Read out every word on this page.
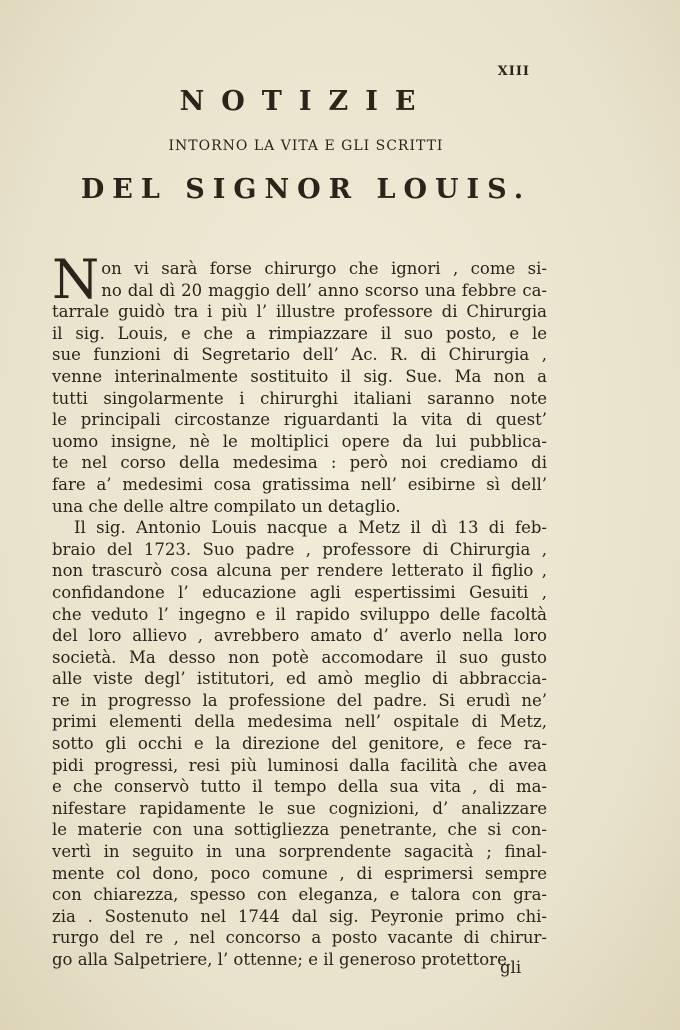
XIII
NOTIZIE
INTORNO LA VITA E GLI SCRITTI
DEL SIGNOR LOUIS.
N on vi sarà forse chirurgo che ignori , come si-
no dal dì 20 maggio dell’ anno scorso una febbre ca-
tarrale guidò tra i più l’ illustre professore di Chirurgia
il sig. Louis, e che a rimpiazzare il suo posto, e le
sue funzioni di Segretario dell’ Ac. R. di Chirurgia ,
venne interinalmente sostituito il sig. Sue. Ma non a
tutti singolarmente i chirurghi italiani saranno note
le principali circostanze riguardanti la vita di quest’
uomo insigne, nè le moltiplici opere da lui pubblica-
te nel corso della medesima : però noi crediamo di
fare a’ medesimi cosa gratissima nell’ esibirne sì dell’
una che delle altre compilato un detaglio.
Il sig. Antonio Louis nacque a Metz il dì 13 di feb-
braio del 1723. Suo padre , professore di Chirurgia ,
non trascurò cosa alcuna per rendere letterato il figlio ,
confidandone l’ educazione agli espertissimi Gesuiti ,
che veduto l’ ingegno e il rapido sviluppo delle facoltà
del loro allievo , avrebbero amato d’ averlo nella loro
società. Ma desso non potè accomodare il suo gusto
alle viste degl’ istitutori, ed amò meglio di abbraccia-
re in progresso la professione del padre. Si erudì ne’
primi elementi della medesima nell’ ospitale di Metz,
sotto gli occhi e la direzione del genitore, e fece ra-
pidi progressi, resi più luminosi dalla facilità che avea
e che conservò tutto il tempo della sua vita , di ma-
nifestare rapidamente le sue cognizioni, d’ analizzare
le materie con una sottigliezza penetrante, che si con-
vertì in seguito in una sorprendente sagacità ; final-
mente col dono, poco comune , di esprimersi sempre
con chiarezza, spesso con eleganza, e talora con gra-
zia . Sostenuto nel 1744 dal sig. Peyronie primo chi-
rurgo del re , nel concorso a posto vacante di chirur-
go alla Salpetriere, l’ ottenne; e il generoso protettore
gli
